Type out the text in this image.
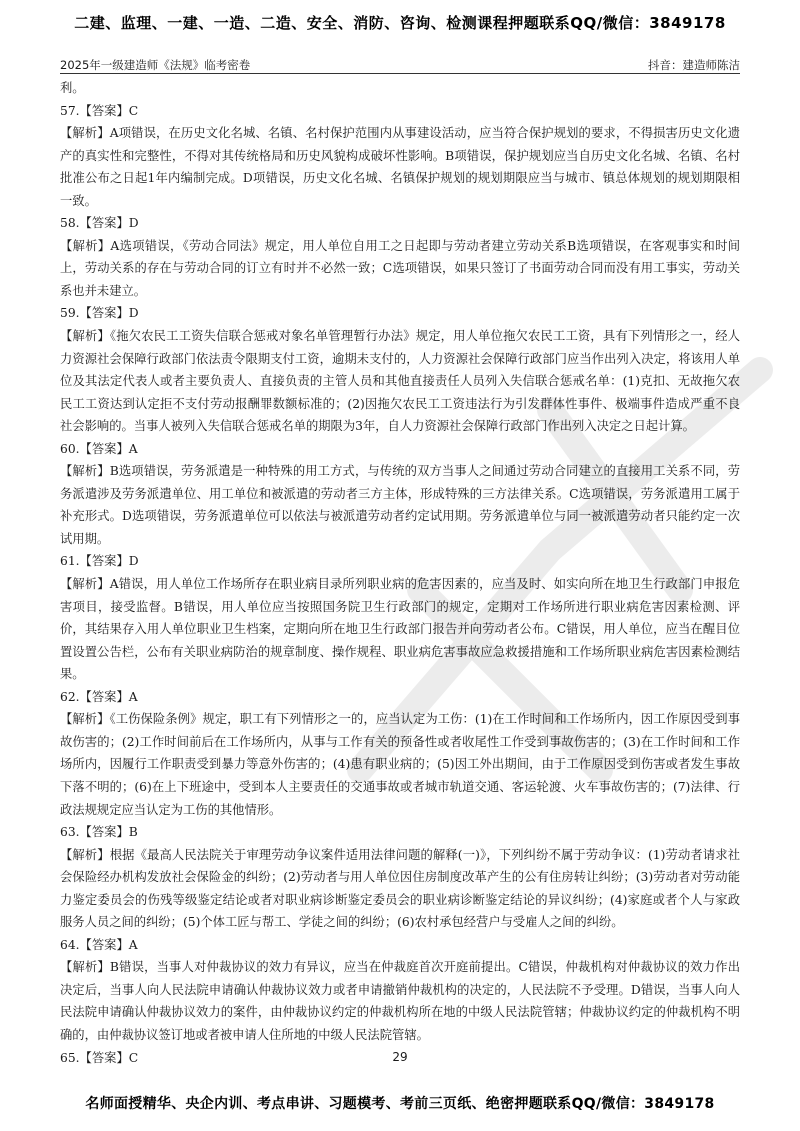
二建、监理、一建、一造、二造、安全、消防、咨询、检测课程押题联系QQ/微信：3849178
2025年一级建造师《法规》临考密卷	抖音：建造师陈洁

利。

57.【答案】C

【解析】A项错误，在历史文化名城、名镇、名村保护范围内从事建设活动，应当符合保护规划的要求，不得损害历史文化遗产的真实性和完整性，不得对其传统格局和历史风貌构成破坏性影响。B项错误，保护规划应当自历史文化名城、名镇、名村批准公布之日起1年内编制完成。D项错误，历史文化名城、名镇保护规划的规划期限应当与城市、镇总体规划的规划期限相一致。

58.【答案】D

【解析】A选项错误，《劳动合同法》规定，用人单位自用工之日起即与劳动者建立劳动关系B选项错误，在客观事实和时间上，劳动关系的存在与劳动合同的订立有时并不必然一致；C选项错误，如果只签订了书面劳动合同而没有用工事实，劳动关系也并未建立。

59.【答案】D

【解析】《拖欠农民工工资失信联合惩戒对象名单管理暂行办法》规定，用人单位拖欠农民工工资，具有下列情形之一，经人力资源社会保障行政部门依法责令限期支付工资，逾期未支付的，人力资源社会保障行政部门应当作出列入决定，将该用人单位及其法定代表人或者主要负责人、直接负责的主管人员和其他直接责任人员列入失信联合惩戒名单：(1)克扣、无故拖欠农民工工资达到认定拒不支付劳动报酬罪数额标准的；(2)因拖欠农民工工资违法行为引发群体性事件、极端事件造成严重不良社会影响的。当事人被列入失信联合惩戒名单的期限为3年，自人力资源社会保障行政部门作出列入决定之日起计算。

60.【答案】A

【解析】B选项错误，劳务派遣是一种特殊的用工方式，与传统的双方当事人之间通过劳动合同建立的直接用工关系不同，劳务派遣涉及劳务派遣单位、用工单位和被派遣的劳动者三方主体，形成特殊的三方法律关系。C选项错误，劳务派遣用工属于补充形式。D选项错误，劳务派遣单位可以依法与被派遣劳动者约定试用期。劳务派遣单位与同一被派遣劳动者只能约定一次试用期。

61.【答案】D

【解析】A错误，用人单位工作场所存在职业病目录所列职业病的危害因素的，应当及时、如实向所在地卫生行政部门申报危害项目，接受监督。B错误，用人单位应当按照国务院卫生行政部门的规定，定期对工作场所进行职业病危害因素检测、评价，其结果存入用人单位职业卫生档案，定期向所在地卫生行政部门报告并向劳动者公布。C错误，用人单位，应当在醒目位置设置公告栏，公布有关职业病防治的规章制度、操作规程、职业病危害事故应急救援措施和工作场所职业病危害因素检测结果。

62.【答案】A

【解析】《工伤保险条例》规定，职工有下列情形之一的，应当认定为工伤：(1)在工作时间和工作场所内，因工作原因受到事故伤害的；(2)工作时间前后在工作场所内，从事与工作有关的预备性或者收尾性工作受到事故伤害的；(3)在工作时间和工作场所内，因履行工作职责受到暴力等意外伤害的；(4)患有职业病的；(5)因工外出期间，由于工作原因受到伤害或者发生事故下落不明的；(6)在上下班途中，受到本人主要责任的交通事故或者城市轨道交通、客运轮渡、火车事故伤害的；(7)法律、行政法规规定应当认定为工伤的其他情形。

63.【答案】B

【解析】根据《最高人民法院关于审理劳动争议案件适用法律问题的解释(一)》，下列纠纷不属于劳动争议：(1)劳动者请求社会保险经办机构发放社会保险金的纠纷；(2)劳动者与用人单位因住房制度改革产生的公有住房转让纠纷；(3)劳动者对劳动能力鉴定委员会的伤残等级鉴定结论或者对职业病诊断鉴定委员会的职业病诊断鉴定结论的异议纠纷；(4)家庭或者个人与家政服务人员之间的纠纷；(5)个体工匠与帮工、学徒之间的纠纷；(6)农村承包经营户与受雇人之间的纠纷。

64.【答案】A

【解析】B错误，当事人对仲裁协议的效力有异议，应当在仲裁庭首次开庭前提出。C错误，仲裁机构对仲裁协议的效力作出决定后，当事人向人民法院申请确认仲裁协议效力或者申请撤销仲裁机构的决定的，人民法院不予受理。D错误，当事人向人民法院申请确认仲裁协议效力的案件，由仲裁协议约定的仲裁机构所在地的中级人民法院管辖；仲裁协议约定的仲裁机构不明确的，由仲裁协议签订地或者被申请人住所地的中级人民法院管辖。

65.【答案】C	29
名师面授精华、央企内训、考点串讲、习题模考、考前三页纸、绝密押题联系QQ/微信：3849178
